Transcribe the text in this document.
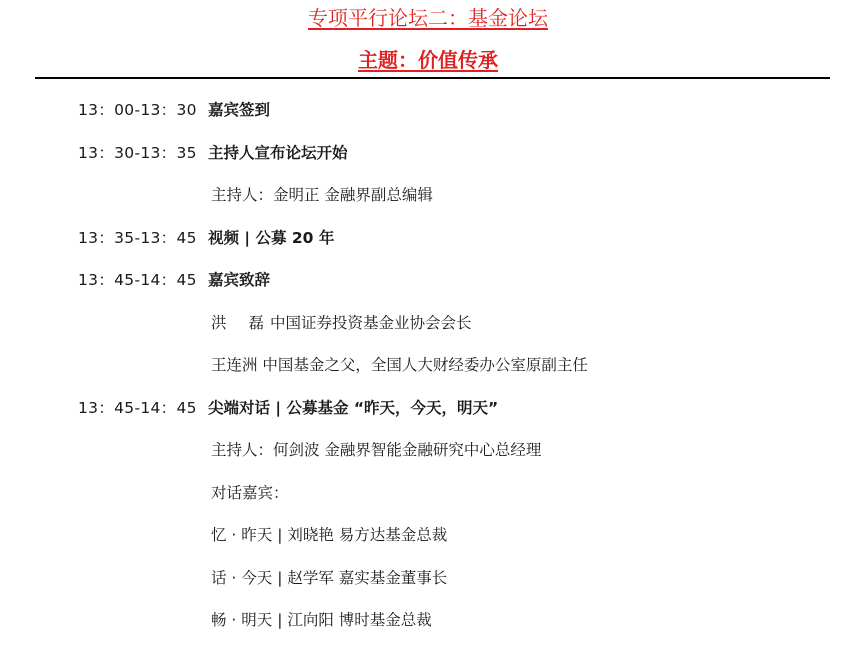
专项平行论坛二：基金论坛
主题：价值传承
13：00-13：30 嘉宾签到
13：30-13：35 主持人宣布论坛开始
主持人：金明正 金融界副总编辑
13：35-13：45 视频 | 公募 20 年
13：45-14：45 嘉宾致辞
洪 磊 中国证券投资基金业协会会长
王连洲 中国基金之父，全国人大财经委办公室原副主任
13：45-14：45 尖端对话 | 公募基金 “昨天，今天，明天”
主持人：何剑波 金融界智能金融研究中心总经理
对话嘉宾：
忆 · 昨天 | 刘晓艳 易方达基金总裁
话 · 今天 | 赵学军 嘉实基金董事长
畅 · 明天 | 江向阳 博时基金总裁
